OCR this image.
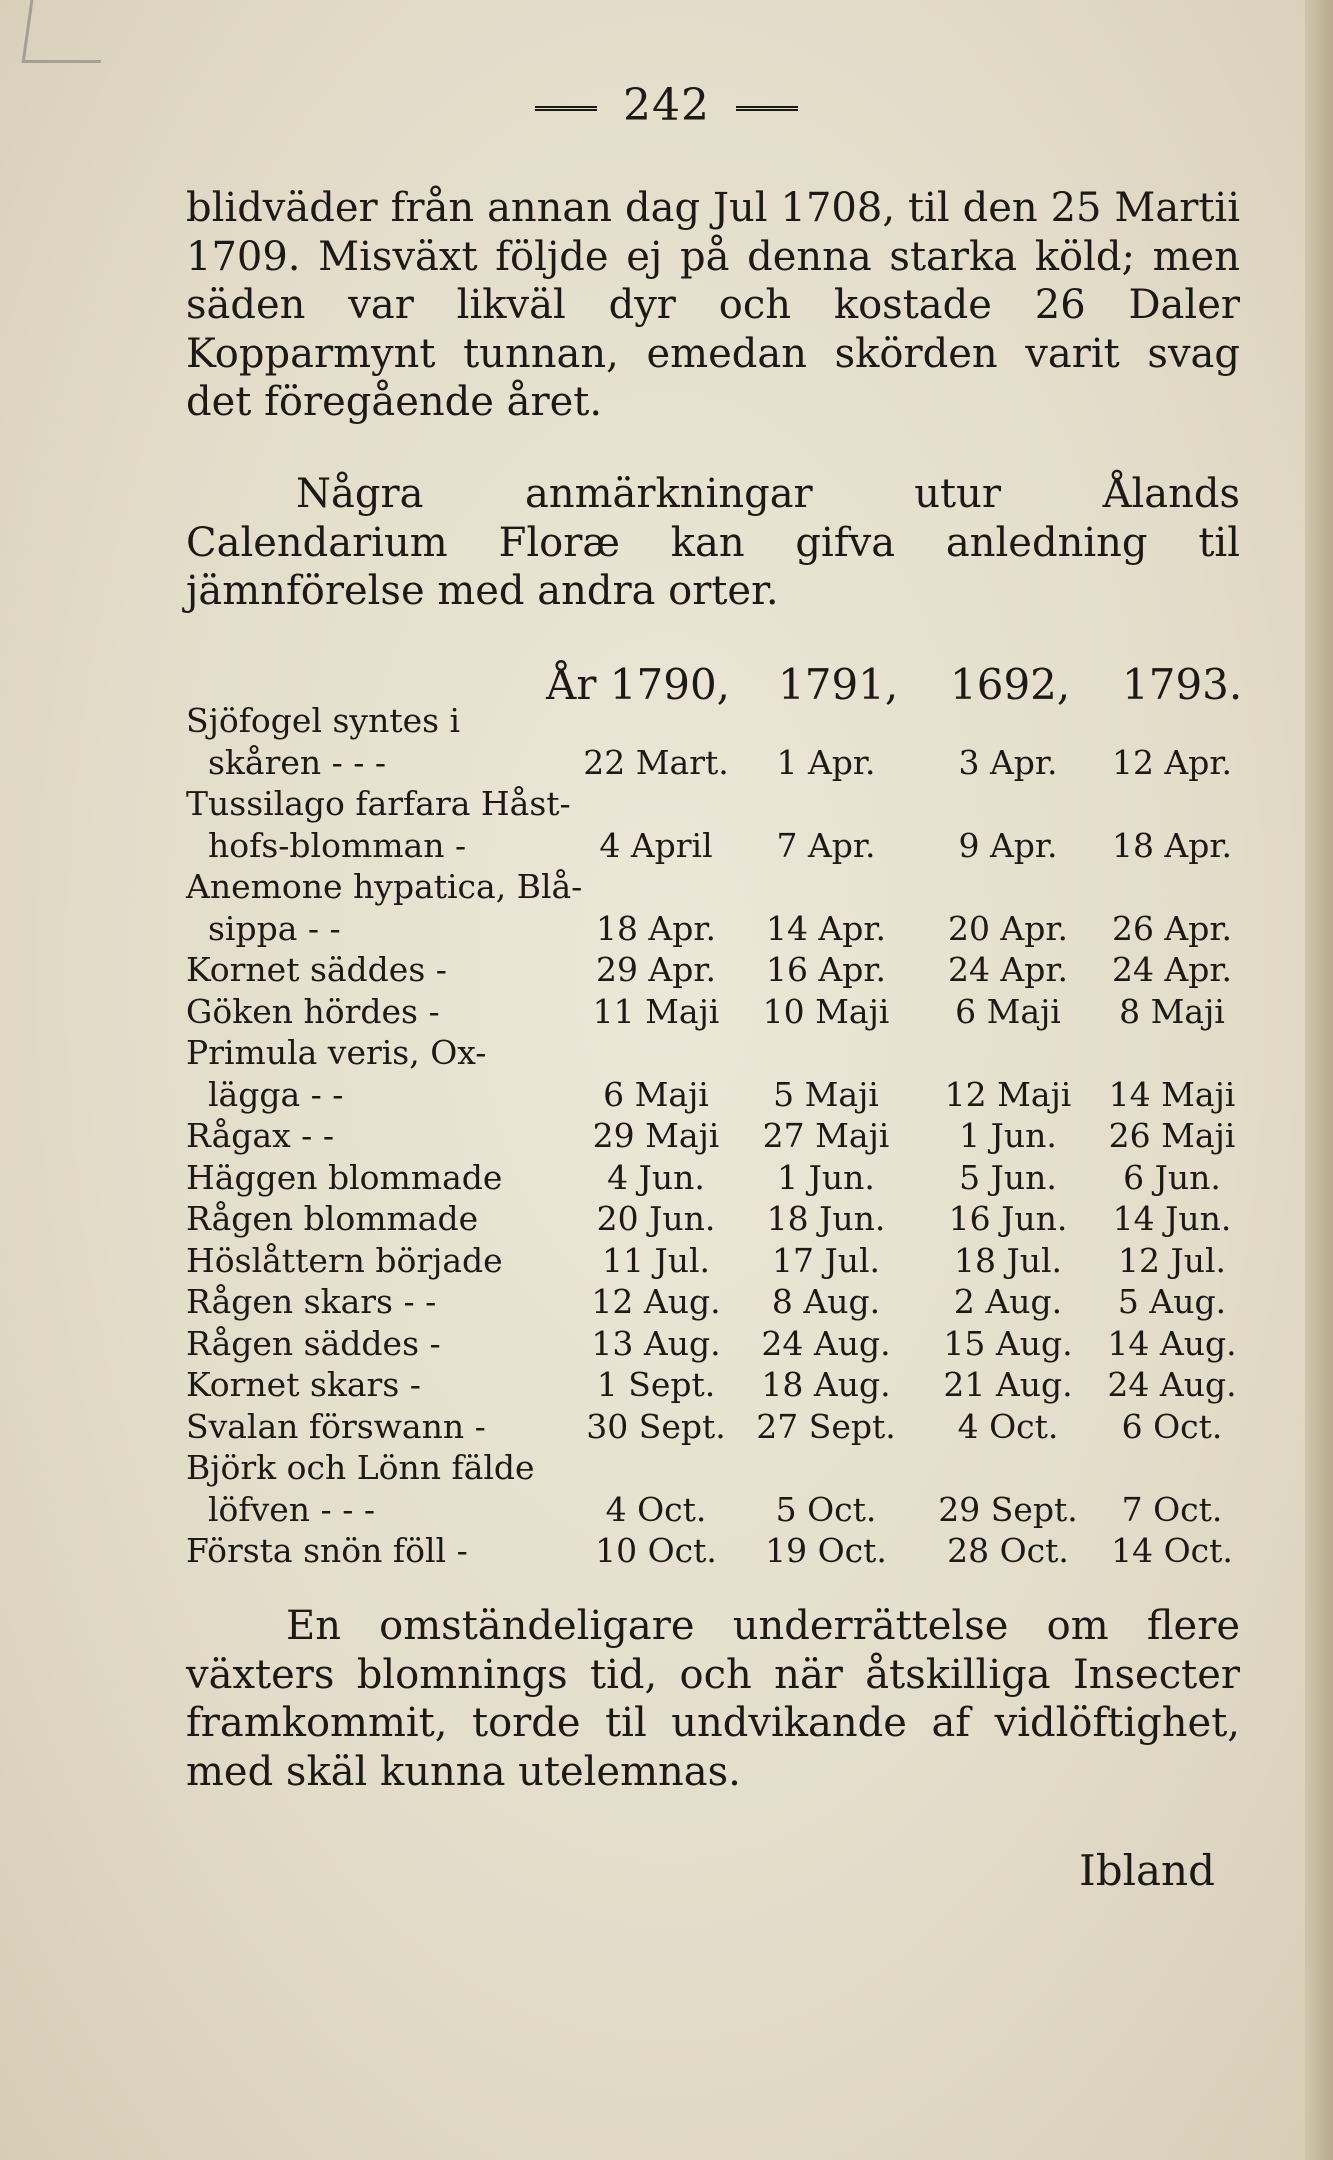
242

blidväder från annan dag Jul 1708, til den 25 Martii 1709. Misväxt följde ej på denna starka köld; men säden var likväl dyr och kostade 26 Daler Kopparmynt tunnan, emedan skörden varit svag det föregående året.

Några anmärkningar utur Ålands Calendarium Floræ kan gifva anledning til jämnförelse med andra orter.

År 1790, 1791, 1692, 1793.
Sjöfogel syntes i
skåren - - -	22 Mart.	1 Apr.	3 Apr.	12 Apr.
Tussilago farfara Håst-
hofs-blomman -	4 April	7 Apr.	9 Apr.	18 Apr.
Anemone hypatica, Blå-
sippa - -	18 Apr.	14 Apr.	20 Apr.	26 Apr.
Kornet säddes -	29 Apr.	16 Apr.	24 Apr.	24 Apr.
Göken hördes -	11 Maji	10 Maji	6 Maji	8 Maji
Primula veris, Ox-
lägga - -	6 Maji	5 Maji	12 Maji	14 Maji
Rågax - -	29 Maji	27 Maji	1 Jun.	26 Maji
Häggen blommade	4 Jun.	1 Jun.	5 Jun.	6 Jun.
Rågen blommade	20 Jun.	18 Jun.	16 Jun.	14 Jun.
Höslåttern började	11 Jul.	17 Jul.	18 Jul.	12 Jul.
Rågen skars - -	12 Aug.	8 Aug.	2 Aug.	5 Aug.
Rågen säddes -	13 Aug.	24 Aug.	15 Aug.	14 Aug.
Kornet skars -	1 Sept.	18 Aug.	21 Aug.	24 Aug.
Svalan förswann -	30 Sept. 27 Sept.	4 Oct.	6 Oct.
Björk och Lönn fälde
löfven - - -	4 Oct.	5 Oct.	29 Sept.	7 Oct.
Första snön föll -	10 Oct.	19 Oct.	28 Oct.	14 Oct.

En omständeligare underrättelse om flere växters blomnings tid, och när åtskilliga Insecter framkommit, torde til undvikande af vidlöftighet, med skäl kunna utelemnas.

Ibland
